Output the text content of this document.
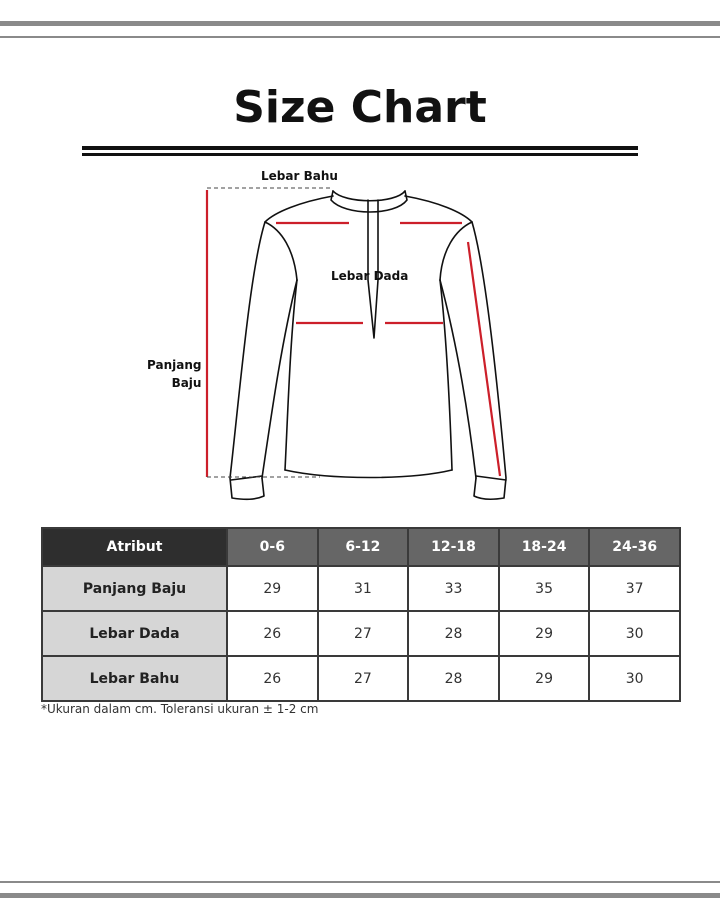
Size Chart
Lebar Bahu
Lebar Dada
Panjang
Baju
Atribut	0-6	6-12	12-18	18-24	24-36
Panjang Baju	29	31	33	35	37
Lebar Dada	26	27	28	29	30
Lebar Bahu	26	27	28	29	30
*Ukuran dalam cm. Toleransi ukuran ± 1-2 cm
